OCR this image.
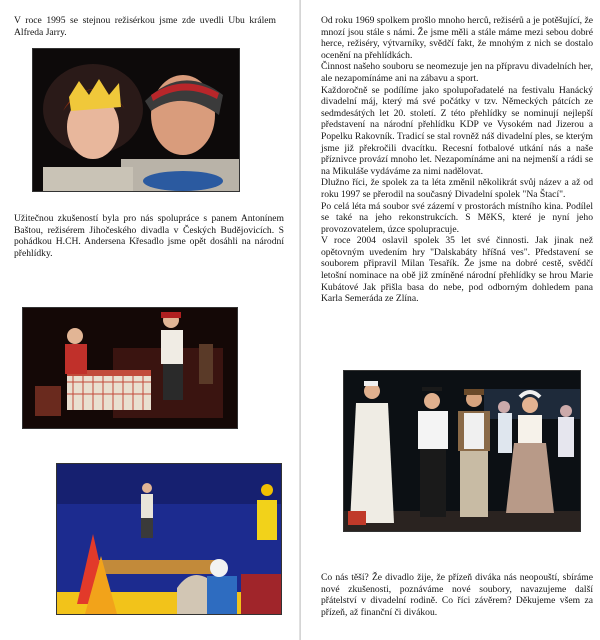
V roce 1995 se stejnou režisérkou jsme zde uvedli Ubu králem Alfreda Jarry.
Užitečnou zkušeností byla pro nás spolupráce s panem Antonínem Baštou, režisérem Jihočeského divadla v Českých Budějovicích. S pohádkou H.CH. Andersena Křesadlo jsme opět dosáhli na národní přehlídky.

Od roku 1969 spolkem prošlo mnoho herců, režisérů a je potěšující, že mnozí jsou stále s námi. Že jsme měli a stále máme mezi sebou dobré herce, režiséry, výtvarníky, svědčí fakt, že mnohým z nich se dostalo ocenění na přehlídkách.

Činnost našeho souboru se neomezuje jen na přípravu divadelních her, ale nezapomínáme ani na zábavu a sport.

Každoročně se podílíme jako spolupořadatelé na festivalu Hanácký divadelní máj, který má své počátky v tzv. Německých pátcích ze sedmdesátých let 20. století. Z této přehlídky se nominují nejlepší představení na národní přehlídku KDP ve Vysokém nad Jizerou a Popelku Rakovník. Tradicí se stal rovněž náš divadelní ples, se kterým jsme již překročili dvacítku. Recesní fotbalové utkání nás a naše příznivce provází mnoho let. Nezapomínáme ani na nejmenší a rádi se na Mikuláše vydáváme za nimi nadělovat.

Dlužno říci, že spolek za ta léta změnil několikrát svůj název a až od roku 1997 se přerodil na současný Divadelní spolek "Na Štací".

Po celá léta má soubor své zázemí v prostorách místního kina. Podílel se také na jeho rekonstrukcích. S MěKS, které je nyní jeho provozovatelem, úzce spolupracuje.

V roce 2004 oslavil spolek 35 let své činnosti. Jak jinak než opětovným uvedením hry "Dalskabáty hříšná ves". Představení se souborem připravil Milan Tesařík. Že jsme na dobré cestě, svědčí letošní nominace na obě již zmíněné národní přehlídky se hrou Marie Kubátové Jak přišla basa do nebe, pod odborným dohledem pana Karla Semeráda ze Zlína.

Co nás těší? Že divadlo žije, že přízeň diváka nás neopouští, sbíráme nové zkušenosti, poznáváme nové soubory, navazujeme další přátelství v divadelní rodině. Co říci závěrem? Děkujeme všem za přízeň, až finanční či divákou.
